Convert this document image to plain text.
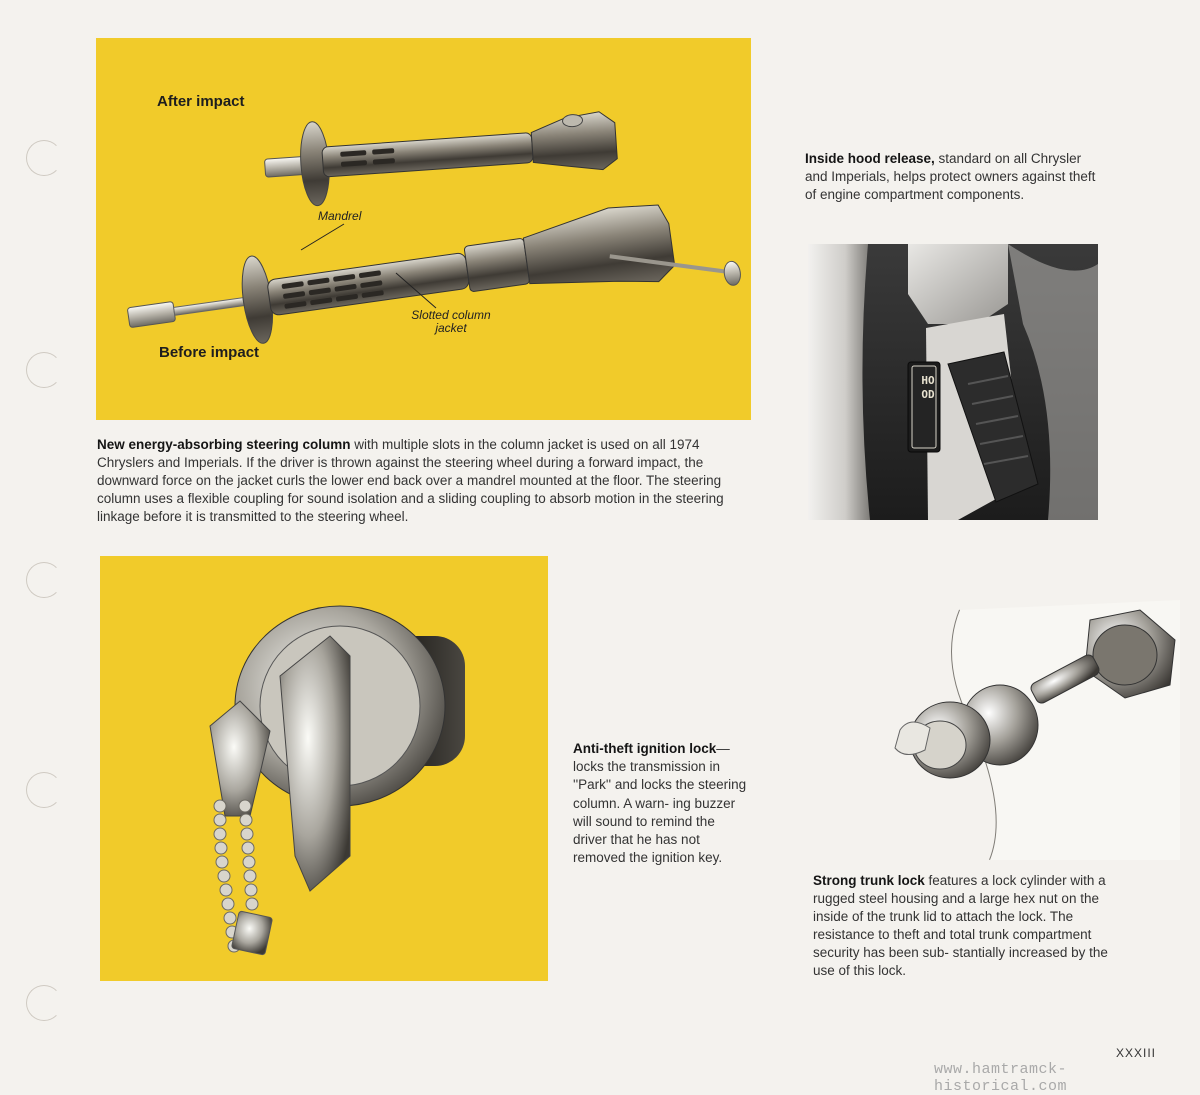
After impact
Before impact
Mandrel
Slotted column
jacket
New energy-absorbing steering column with multiple slots in the column jacket is used on all 1974 Chryslers and Imperials. If the driver is thrown against the steering wheel during a forward impact, the downward force on the jacket curls the lower end back over a mandrel mounted at the floor. The steering column uses a flexible coupling for sound isolation and a sliding coupling to absorb motion in the steering linkage before it is transmitted to the steering wheel.
Inside hood release, standard on all Chrysler and Imperials, helps protect owners against theft of engine compartment components.
HOOD
Anti-theft ignition lock— locks the transmission in ''Park'' and locks the steering column. A warn- ing buzzer will sound to remind the driver that he has not removed the ignition key.
Strong trunk lock features a lock cylinder with a rugged steel housing and a large hex nut on the inside of the trunk lid to attach the lock. The resistance to theft and total trunk compartment security has been sub- stantially increased by the use of this lock.
XXXIII
www.hamtramck-historical.com
